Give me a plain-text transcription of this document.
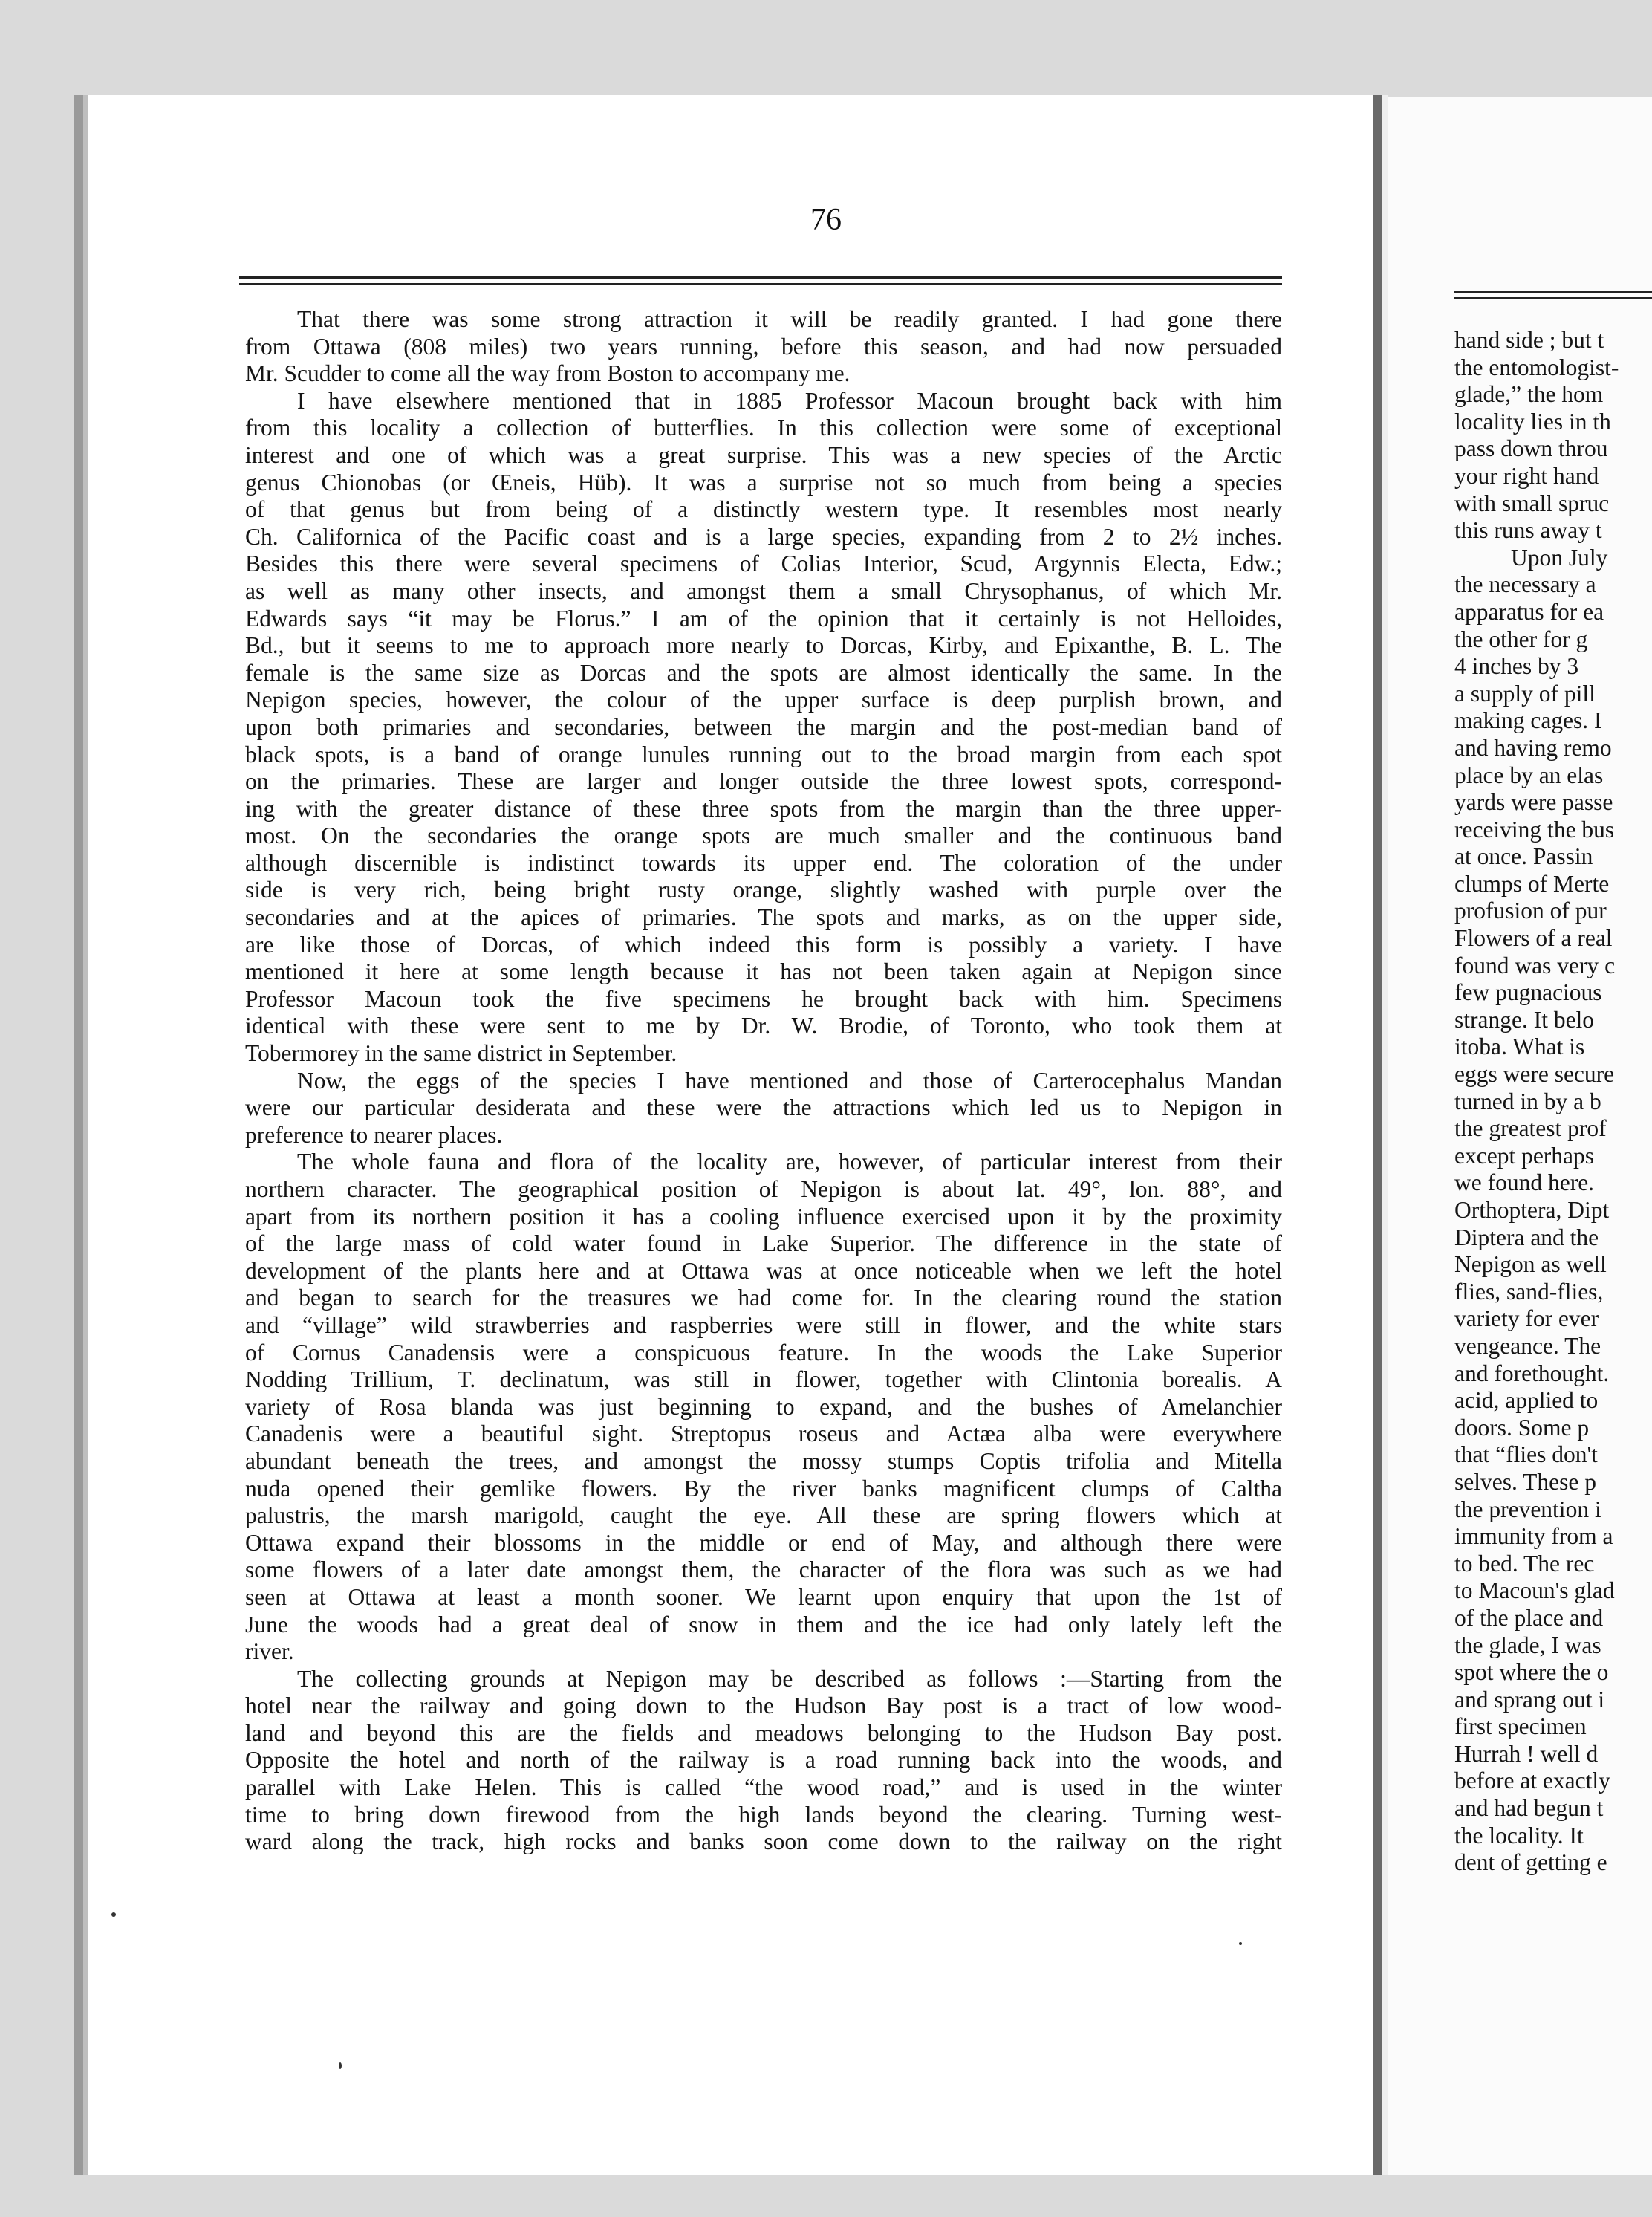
76
That there was some strong attraction it will be readily granted. I had gone there
from Ottawa (808 miles) two years running, before this season, and had now persuaded
Mr. Scudder to come all the way from Boston to accompany me.
I have elsewhere mentioned that in 1885 Professor Macoun brought back with him
from this locality a collection of butterflies. In this collection were some of exceptional
interest and one of which was a great surprise. This was a new species of the Arctic
genus Chionobas (or Œneis, Hüb). It was a surprise not so much from being a species
of that genus but from being of a distinctly western type. It resembles most nearly
Ch. Californica of the Pacific coast and is a large species, expanding from 2 to 2½ inches.
Besides this there were several specimens of Colias Interior, Scud, Argynnis Electa, Edw.;
as well as many other insects, and amongst them a small Chrysophanus, of which Mr.
Edwards says “it may be Florus.” I am of the opinion that it certainly is not Helloides,
Bd., but it seems to me to approach more nearly to Dorcas, Kirby, and Epixanthe, B. L. The
female is the same size as Dorcas and the spots are almost identically the same. In the
Nepigon species, however, the colour of the upper surface is deep purplish brown, and
upon both primaries and secondaries, between the margin and the post-median band of
black spots, is a band of orange lunules running out to the broad margin from each spot
on the primaries. These are larger and longer outside the three lowest spots, correspond-
ing with the greater distance of these three spots from the margin than the three upper-
most. On the secondaries the orange spots are much smaller and the continuous band
although discernible is indistinct towards its upper end. The coloration of the under
side is very rich, being bright rusty orange, slightly washed with purple over the
secondaries and at the apices of primaries. The spots and marks, as on the upper side,
are like those of Dorcas, of which indeed this form is possibly a variety. I have
mentioned it here at some length because it has not been taken again at Nepigon since
Professor Macoun took the five specimens he brought back with him. Specimens
identical with these were sent to me by Dr. W. Brodie, of Toronto, who took them at
Tobermorey in the same district in September.
Now, the eggs of the species I have mentioned and those of Carterocephalus Mandan
were our particular desiderata and these were the attractions which led us to Nepigon in
preference to nearer places.
The whole fauna and flora of the locality are, however, of particular interest from their
northern character. The geographical position of Nepigon is about lat. 49°, lon. 88°, and
apart from its northern position it has a cooling influence exercised upon it by the proximity
of the large mass of cold water found in Lake Superior. The difference in the state of
development of the plants here and at Ottawa was at once noticeable when we left the hotel
and began to search for the treasures we had come for. In the clearing round the station
and “village” wild strawberries and raspberries were still in flower, and the white stars
of Cornus Canadensis were a conspicuous feature. In the woods the Lake Superior
Nodding Trillium, T. declinatum, was still in flower, together with Clintonia borealis. A
variety of Rosa blanda was just beginning to expand, and the bushes of Amelanchier
Canadenis were a beautiful sight. Streptopus roseus and Actæa alba were everywhere
abundant beneath the trees, and amongst the mossy stumps Coptis trifolia and Mitella
nuda opened their gemlike flowers. By the river banks magnificent clumps of Caltha
palustris, the marsh marigold, caught the eye. All these are spring flowers which at
Ottawa expand their blossoms in the middle or end of May, and although there were
some flowers of a later date amongst them, the character of the flora was such as we had
seen at Ottawa at least a month sooner. We learnt upon enquiry that upon the 1st of
June the woods had a great deal of snow in them and the ice had only lately left the
river.
The collecting grounds at Nepigon may be described as follows :—Starting from the
hotel near the railway and going down to the Hudson Bay post is a tract of low wood-
land and beyond this are the fields and meadows belonging to the Hudson Bay post.
Opposite the hotel and north of the railway is a road running back into the woods, and
parallel with Lake Helen. This is called “the wood road,” and is used in the winter
time to bring down firewood from the high lands beyond the clearing. Turning west-
ward along the track, high rocks and banks soon come down to the railway on the right
hand side ; but t
the entomologist-
glade,” the hom
locality lies in th
pass down throu
your right hand
with small spruc
this runs away t
Upon July
the necessary a
apparatus for ea
the other for g
4 inches by 3
a supply of pill
making cages. I
and having remo
place by an elas
yards were passe
receiving the bus
at once. Passin
clumps of Merte
profusion of pur
Flowers of a real
found was very c
few pugnacious
strange. It belo
itoba. What is
eggs were secure
turned in by a b
the greatest prof
except perhaps
we found here.
Orthoptera, Dipt
Diptera and the
Nepigon as well
flies, sand-flies,
variety for ever
vengeance. The
and forethought.
acid, applied to
doors. Some p
that “flies don't
selves. These p
the prevention i
immunity from a
to bed. The rec
to Macoun's glad
of the place and
the glade, I was
spot where the o
and sprang out i
first specimen
Hurrah ! well d
before at exactly
and had begun t
the locality. It
dent of getting e
